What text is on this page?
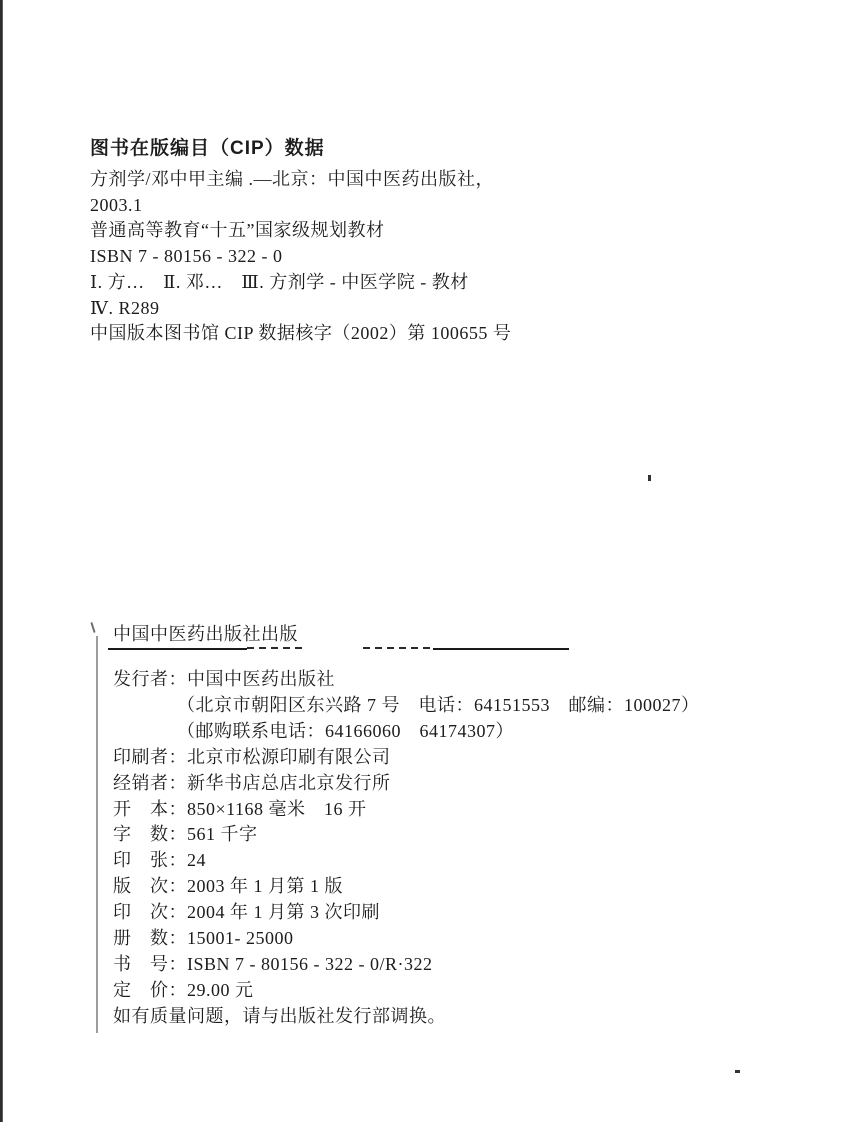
图书在版编目（CIP）数据

方剂学/邓中甲主编 .—北京：中国中医药出版社，

2003.1

普通高等教育“十五”国家级规划教材

ISBN 7 - 80156 - 322 - 0

Ⅰ. 方…　Ⅱ. 邓…　Ⅲ. 方剂学 - 中医学院 - 教材

Ⅳ. R289

中国版本图书馆 CIP 数据核字（2002）第 100655 号

中国中医药出版社出版

发行者：中国中医药出版社

（北京市朝阳区东兴路 7 号　电话：64151553　邮编：100027）

（邮购联系电话：64166060　64174307）

印刷者：北京市松源印刷有限公司

经销者：新华书店总店北京发行所

开　本：850×1168 毫米　16 开

字　数：561 千字

印　张：24

版　次：2003 年 1 月第 1 版

印　次：2004 年 1 月第 3 次印刷

册　数：15001- 25000

书　号：ISBN 7 - 80156 - 322 - 0/R·322

定　价：29.00 元

如有质量问题，请与出版社发行部调换。
